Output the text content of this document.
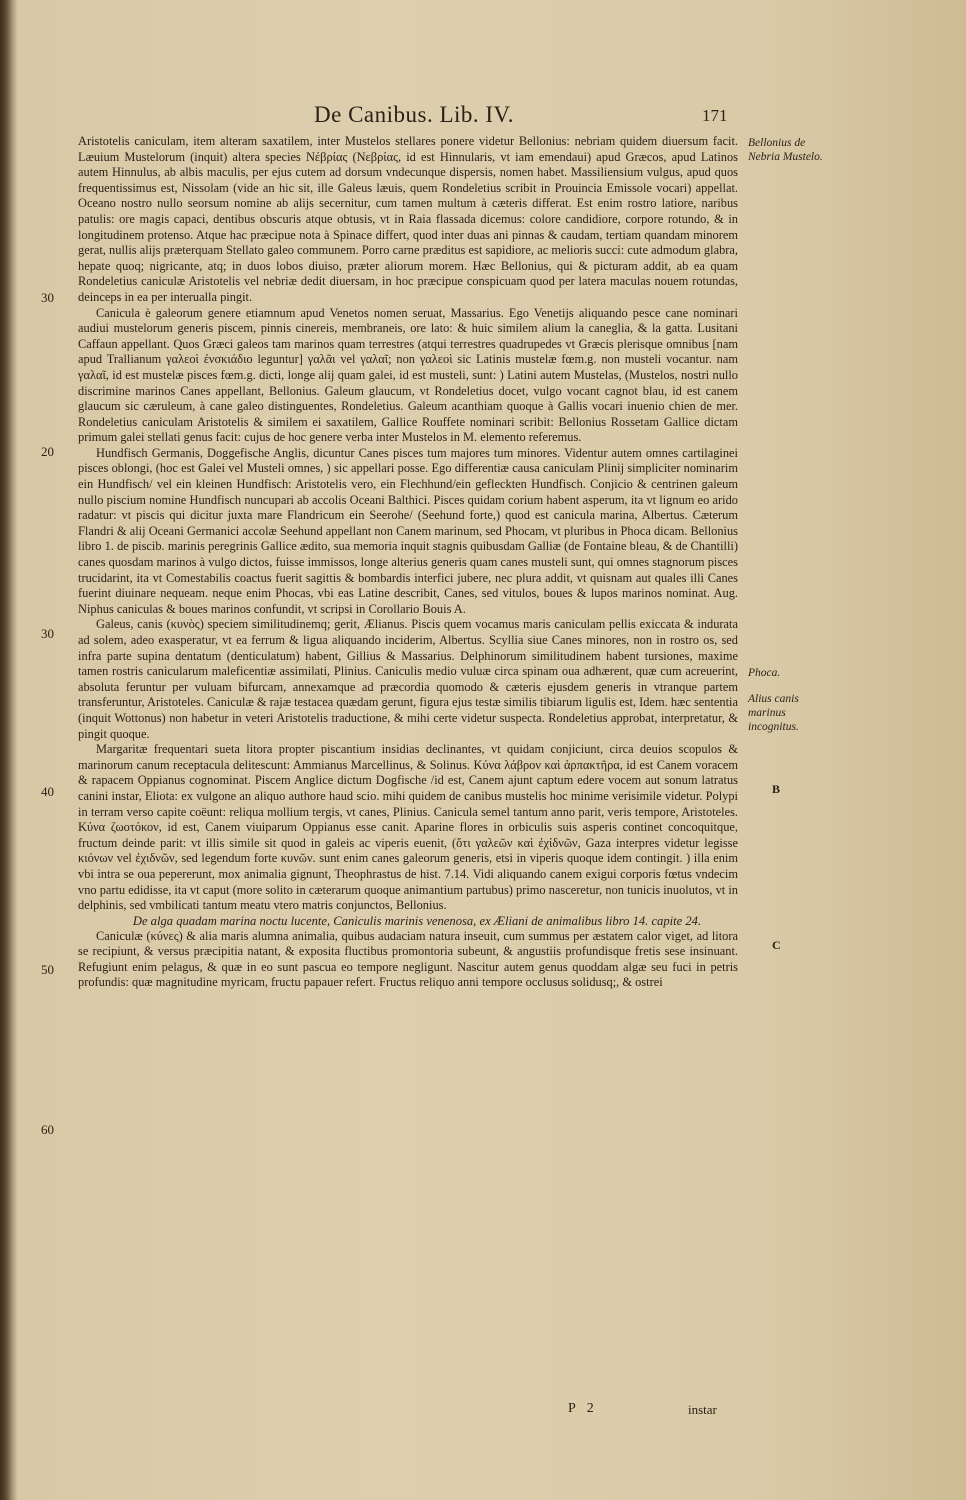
De Canibus. Lib. IV.	171

Aristotelis caniculam, item alteram saxatilem, inter Mustelos stellares ponere videtur Bellonius: nebriam quidem diuersum facit. Læuium Mustelorum (inquit) altera species Νέβρίας (Νεβρίας, id est Hinnularis, vt iam emendaui) apud Græcos, apud Latinos autem Hinnulus, ab albis maculis, per ejus cutem ad dorsum vndecunque dispersis, nomen habet. Massiliensium vulgus, apud quos frequentissimus est, Nissolam (vide an hic sit, ille Galeus læuis, quem Rondeletius scribit in Prouincia Emissole vocari) appellat. Oceano nostro nullo seorsum nomine ab alijs secernitur, cum tamen multum à cæteris differat. Est enim rostro latiore, naribus patulis: ore magis capaci, dentibus obscuris atque obtusis, vt in Raia flassada dicemus: colore candidiore, corpore rotundo, & in longitudinem protenso. Atque hac præcipue nota à Spinace differt, quod inter duas ani pinnas & caudam, tertiam quandam minorem gerat, nullis alijs præterquam Stellato galeo communem. Porro carne præditus est sapidiore, ac melioris succi: cute admodum glabra, hepate quoq; nigricante, atq; in duos lobos diuiso, præter aliorum morem. Hæc Bellonius, qui & picturam addit, ab ea quam Rondeletius caniculæ Aristotelis vel nebriæ dedit diuersam, in hoc præcipue conspicuam quod per latera maculas nouem rotundas, deinceps in ea per interualla pingit.

Canicula è galeorum genere etiamnum apud Venetos nomen seruat, Massarius. Ego Venetijs aliquando pesce cane nominari audiui mustelorum generis piscem, pinnis cinereis, membraneis, ore lato: & huic similem alium la caneglia, & la gatta. Lusitani Caffaun appellant. Quos Græci galeos tam marinos quam terrestres (atqui terrestres quadrupedes vt Græcis plerisque omnibus [nam apud Trallianum γαλεοὶ ἐνσκιάδιο leguntur] γαλᾶι vel γαλαῖ; non γαλεοὶ sic Latinis mustelæ fœm.g. non musteli vocantur. nam γαλαῖ, id est mustelæ pisces fœm.g. dicti, longe alij quam galei, id est musteli, sunt: ) Latini autem Mustelas, (Mustelos, nostri nullo discrimine marinos Canes appellant, Bellonius. Galeum glaucum, vt Rondeletius docet, vulgo vocant cagnot blau, id est canem glaucum sic cæruleum, à cane galeo distinguentes, Rondeletius. Galeum acanthiam quoque à Gallis vocari inuenio chien de mer. Rondeletius caniculam Aristotelis & similem ei saxatilem, Gallice Rouffete nominari scribit: Bellonius Rossetam Gallice dictam primum galei stellati genus facit: cujus de hoc genere verba inter Mustelos in M. elemento referemus.

Hundfisch Germanis, Doggefische Anglis, dicuntur Canes pisces tum majores tum minores. Videntur autem omnes cartilaginei pisces oblongi, (hoc est Galei vel Musteli omnes, ) sic appellari posse. Ego differentiæ causa caniculam Plinij simpliciter nominarim ein Hundfisch/ vel ein kleinen Hundfisch: Aristotelis vero, ein Flechhund/ein gefleckten Hundfisch. Conjicio & centrinen galeum nullo piscium nomine Hundfisch nuncupari ab accolis Oceani Balthici. Pisces quidam corium habent asperum, ita vt lignum eo arido radatur: vt piscis qui dicitur juxta mare Flandricum ein Seerohe/ (Seehund forte,) quod est canicula marina, Albertus. Cæterum Flandri & alij Oceani Germanici accolæ Seehund appellant non Canem marinum, sed Phocam, vt pluribus in Phoca dicam. Bellonius libro 1. de piscib. marinis peregrinis Gallice ædito, sua memoria inquit stagnis quibusdam Galliæ (de Fontaine bleau, & de Chantilli) canes quosdam marinos à vulgo dictos, fuisse immissos, longe alterius generis quam canes musteli sunt, qui omnes stagnorum pisces trucidarint, ita vt Comestabilis coactus fuerit sagittis & bombardis interfici jubere, nec plura addit, vt quisnam aut quales illi Canes fuerint diuinare nequeam. neque enim Phocas, vbi eas Latine describit, Canes, sed vitulos, boues & lupos marinos nominat. Aug. Niphus caniculas & boues marinos confundit, vt scripsi in Corollario Bouis A.

Galeus, canis (κυνὸς) speciem similitudinemq; gerit, Ælianus. Piscis quem vocamus maris caniculam pellis exiccata & indurata ad solem, adeo exasperatur, vt ea ferrum & ligua aliquando inciderim, Albertus. Scyllia siue Canes minores, non in rostro os, sed infra parte supina dentatum (denticulatum) habent, Gillius & Massarius. Delphinorum similitudinem habent tursiones, maxime tamen rostris canicularum maleficentiæ assimilati, Plinius. Caniculis medio vuluæ circa spinam oua adhærent, quæ cum acreuerint, absoluta feruntur per vuluam bifurcam, annexamque ad præcordia quomodo & cæteris ejusdem generis in vtranque partem transferuntur, Aristoteles. Caniculæ & rajæ testacea quædam gerunt, figura ejus testæ similis tibiarum ligulis est, Idem. hæc sententia (inquit Wottonus) non habetur in veteri Aristotelis traductione, & mihi certe videtur suspecta. Rondeletius approbat, interpretatur, & pingit quoque.

Margaritæ frequentari sueta litora propter piscantium insidias declinantes, vt quidam conjiciunt, circa deuios scopulos & marinorum canum receptacula delitescunt: Ammianus Marcellinus, & Solinus. Κύνα λάβρον καὶ ἁρπακτῆρα, id est Canem voracem & rapacem Oppianus cognominat. Piscem Anglice dictum Dogfische /id est, Canem ajunt captum edere vocem aut sonum latratus canini instar, Eliota: ex vulgone an aliquo authore haud scio. mihi quidem de canibus mustelis hoc minime verisimile videtur. Polypi in terram verso capite coëunt: reliqua mollium tergis, vt canes, Plinius. Canicula semel tantum anno parit, veris tempore, Aristoteles. Κύνα ζωοτόκον, id est, Canem viuiparum Oppianus esse canit. Aparine flores in orbiculis suis asperis continet concoquitque, fructum deinde parit: vt illis simile sit quod in galeis ac viperis euenit, (ὅτι γαλεῶν καὶ ἐχίδνῶν, Gaza interpres videtur legisse κιόνων vel ἐχιδνῶν, sed legendum forte κυνῶν. sunt enim canes galeorum generis, etsi in viperis quoque idem contingit. ) illa enim vbi intra se oua pepererunt, mox animalia gignunt, Theophrastus de hist. 7.14. Vidi aliquando canem exigui corporis fœtus vndecim vno partu edidisse, ita vt caput (more solito in cæterarum quoque animantium partubus) primo nasceretur, non tunicis inuolutos, vt in delphinis, sed vmbilicati tantum meatu vtero matris conjunctos, Bellonius.

De alga quadam marina noctu lucente, Caniculis marinis venenosa, ex Æliani de animalibus libro 14. capite 24.

Caniculæ (κύνες) & alia maris alumna animalia, quibus audaciam natura inseuit, cum summus per æstatem calor viget, ad litora se recipiunt, & versus præcipitia natant, & exposita fluctibus promontoria subeunt, & angustiis profundisque fretis sese insinuant. Refugiunt enim pelagus, & quæ in eo sunt pascua eo tempore negligunt. Nascitur autem genus quoddam algæ seu fuci in petris profundis: quæ magnitudine myricam, fructu papauer refert. Fructus reliquo anni tempore occlusus solidusq;, & ostrei

Bellonius de Nebria Mustelo.
Phoca.
Alius canis marinus incognitus.
B
C
30
20
30
40
50
60
P 2	instar
